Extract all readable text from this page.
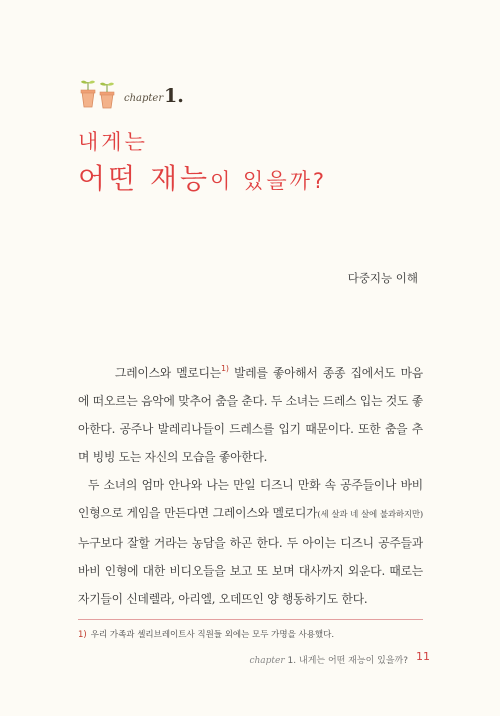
chapter 1.
내게는
어떤 재능이 있을까?
다중지능 이해

그레이스와 멜로디는$^{1)}$ 발레를 좋아해서 종종 집에서도 마음에 떠오르는 음악에 맞추어 춤을 춘다. 두 소녀는 드레스 입는 것도 좋아한다. 공주나 발레리나들이 드레스를 입기 때문이다. 또한 춤을 추며 빙빙 도는 자신의 모습을 좋아한다.

두 소녀의 엄마 안나와 나는 만일 디즈니 만화 속 공주들이나 바비 인형으로 게임을 만든다면 그레이스와 멜로디가(세 살과 네 살에 불과하지만) 누구보다 잘할 거라는 농담을 하곤 한다. 두 아이는 디즈니 공주들과 바비 인형에 대한 비디오들을 보고 또 보며 대사까지 외운다. 때로는 자기들이 신데렐라, 아리엘, 오데뜨인 양 행동하기도 한다.

1) 우리 가족과 셀리브레이트사 직원들 외에는 모두 가명을 사용했다.
chapter 1. 내게는 어떤 재능이 있을까? 11
